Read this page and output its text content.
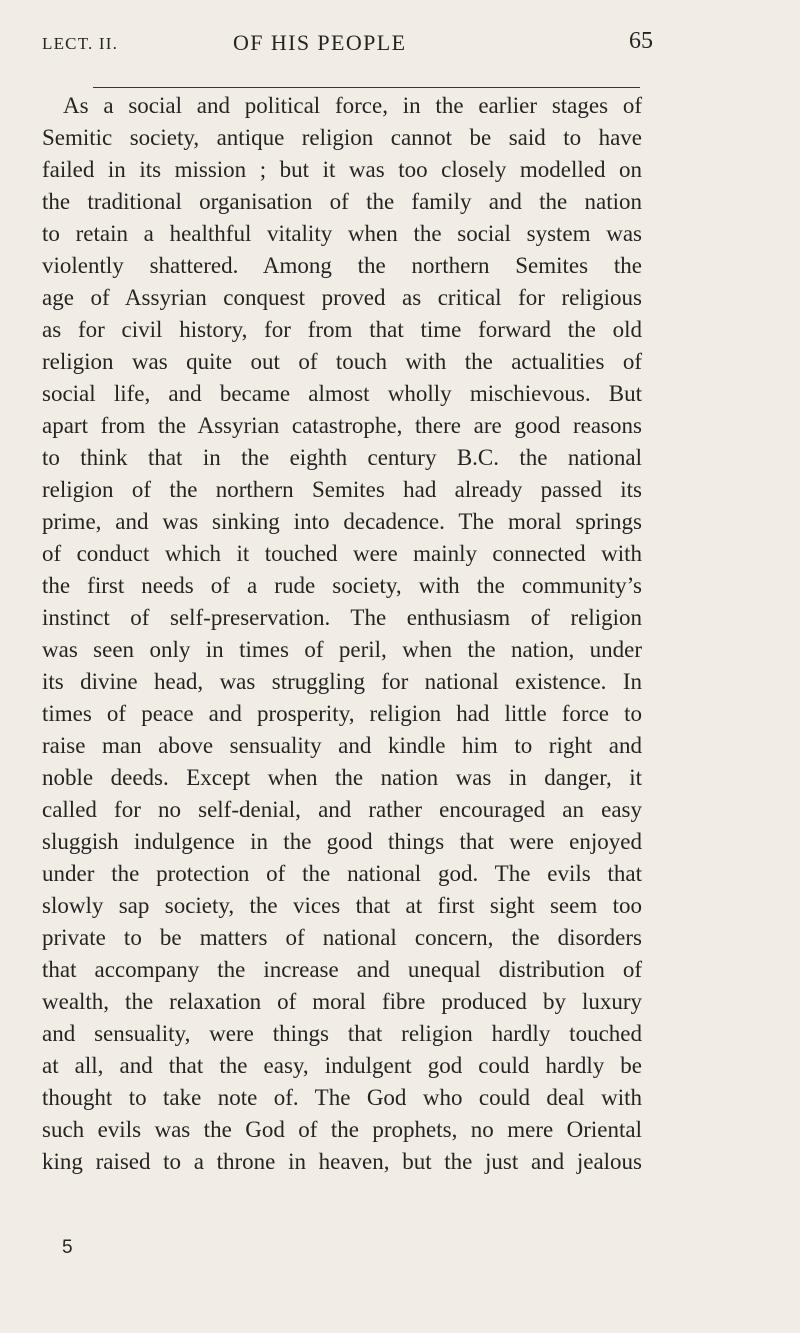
LECT. II.	OF HIS PEOPLE	65
As a social and political force, in the earlier stages of
Semitic society, antique religion cannot be said to have
failed in its mission ; but it was too closely modelled on
the traditional organisation of the family and the nation
to retain a healthful vitality when the social system was
violently shattered. Among the northern Semites the
age of Assyrian conquest proved as critical for religious
as for civil history, for from that time forward the old
religion was quite out of touch with the actualities of
social life, and became almost wholly mischievous. But
apart from the Assyrian catastrophe, there are good reasons
to think that in the eighth century B.C. the national
religion of the northern Semites had already passed its
prime, and was sinking into decadence. The moral springs
of conduct which it touched were mainly connected with
the first needs of a rude society, with the community’s
instinct of self-preservation. The enthusiasm of religion
was seen only in times of peril, when the nation, under
its divine head, was struggling for national existence. In
times of peace and prosperity, religion had little force to
raise man above sensuality and kindle him to right and
noble deeds. Except when the nation was in danger, it
called for no self-denial, and rather encouraged an easy
sluggish indulgence in the good things that were enjoyed
under the protection of the national god. The evils that
slowly sap society, the vices that at first sight seem too
private to be matters of national concern, the disorders
that accompany the increase and unequal distribution of
wealth, the relaxation of moral fibre produced by luxury
and sensuality, were things that religion hardly touched
at all, and that the easy, indulgent god could hardly be
thought to take note of. The God who could deal with
such evils was the God of the prophets, no mere Oriental
king raised to a throne in heaven, but the just and jealous
5
